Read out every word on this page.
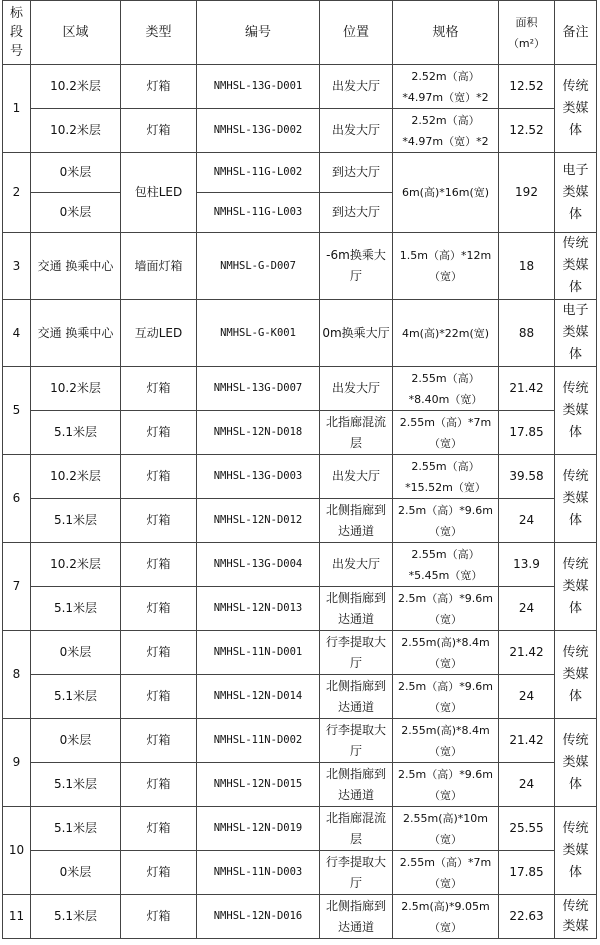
标段号	区域	类型	编号	位置	规格	面积（m²）	备注
1	10.2米层	灯箱	NMHSL-13G-D001	出发大厅	2.52m（高）*4.97m（宽）*2	12.52	传统类媒体
	10.2米层	灯箱	NMHSL-13G-D002	出发大厅	2.52m（高）*4.97m（宽）*2	12.52	
2	0米层	包柱LED	NMHSL-11G-L002	到达大厅	6m(高)*16m(宽)	192	电子类媒体
	0米层		NMHSL-11G-L003	到达大厅			
3	交通 换乘中心	墙面灯箱	NMHSL-G-D007	-6m换乘大厅	1.5m（高）*12m（宽）	18	传统类媒体
4	交通 换乘中心	互动LED	NMHSL-G-K001	0m换乘大厅	4m(高)*22m(宽)	88	电子类媒体
5	10.2米层	灯箱	NMHSL-13G-D007	出发大厅	2.55m（高）*8.40m（宽）	21.42	传统类媒体
	5.1米层	灯箱	NMHSL-12N-D018	北指廊混流层	2.55m（高）*7m（宽）	17.85	
6	10.2米层	灯箱	NMHSL-13G-D003	出发大厅	2.55m（高）*15.52m（宽）	39.58	传统类媒体
	5.1米层	灯箱	NMHSL-12N-D012	北侧指廊到达通道	2.5m（高）*9.6m（宽）	24	
7	10.2米层	灯箱	NMHSL-13G-D004	出发大厅	2.55m（高）*5.45m（宽）	13.9	传统类媒体
	5.1米层	灯箱	NMHSL-12N-D013	北侧指廊到达通道	2.5m（高）*9.6m（宽）	24	
8	0米层	灯箱	NMHSL-11N-D001	行李提取大厅	2.55m(高)*8.4m（宽）	21.42	传统类媒体
	5.1米层	灯箱	NMHSL-12N-D014	北侧指廊到达通道	2.5m（高）*9.6m（宽）	24	
9	0米层	灯箱	NMHSL-11N-D002	行李提取大厅	2.55m(高)*8.4m（宽）	21.42	传统类媒体
	5.1米层	灯箱	NMHSL-12N-D015	北侧指廊到达通道	2.5m（高）*9.6m（宽）	24	
10	5.1米层	灯箱	NMHSL-12N-D019	北指廊混流层	2.55m(高)*10m（宽）	25.55	传统类媒体
	0米层	灯箱	NMHSL-11N-D003	行李提取大厅	2.55m（高）*7m（宽）	17.85	
11	5.1米层	灯箱	NMHSL-12N-D016	北侧指廊到达通道	2.5m(高)*9.05m（宽）	22.63	传统类媒
